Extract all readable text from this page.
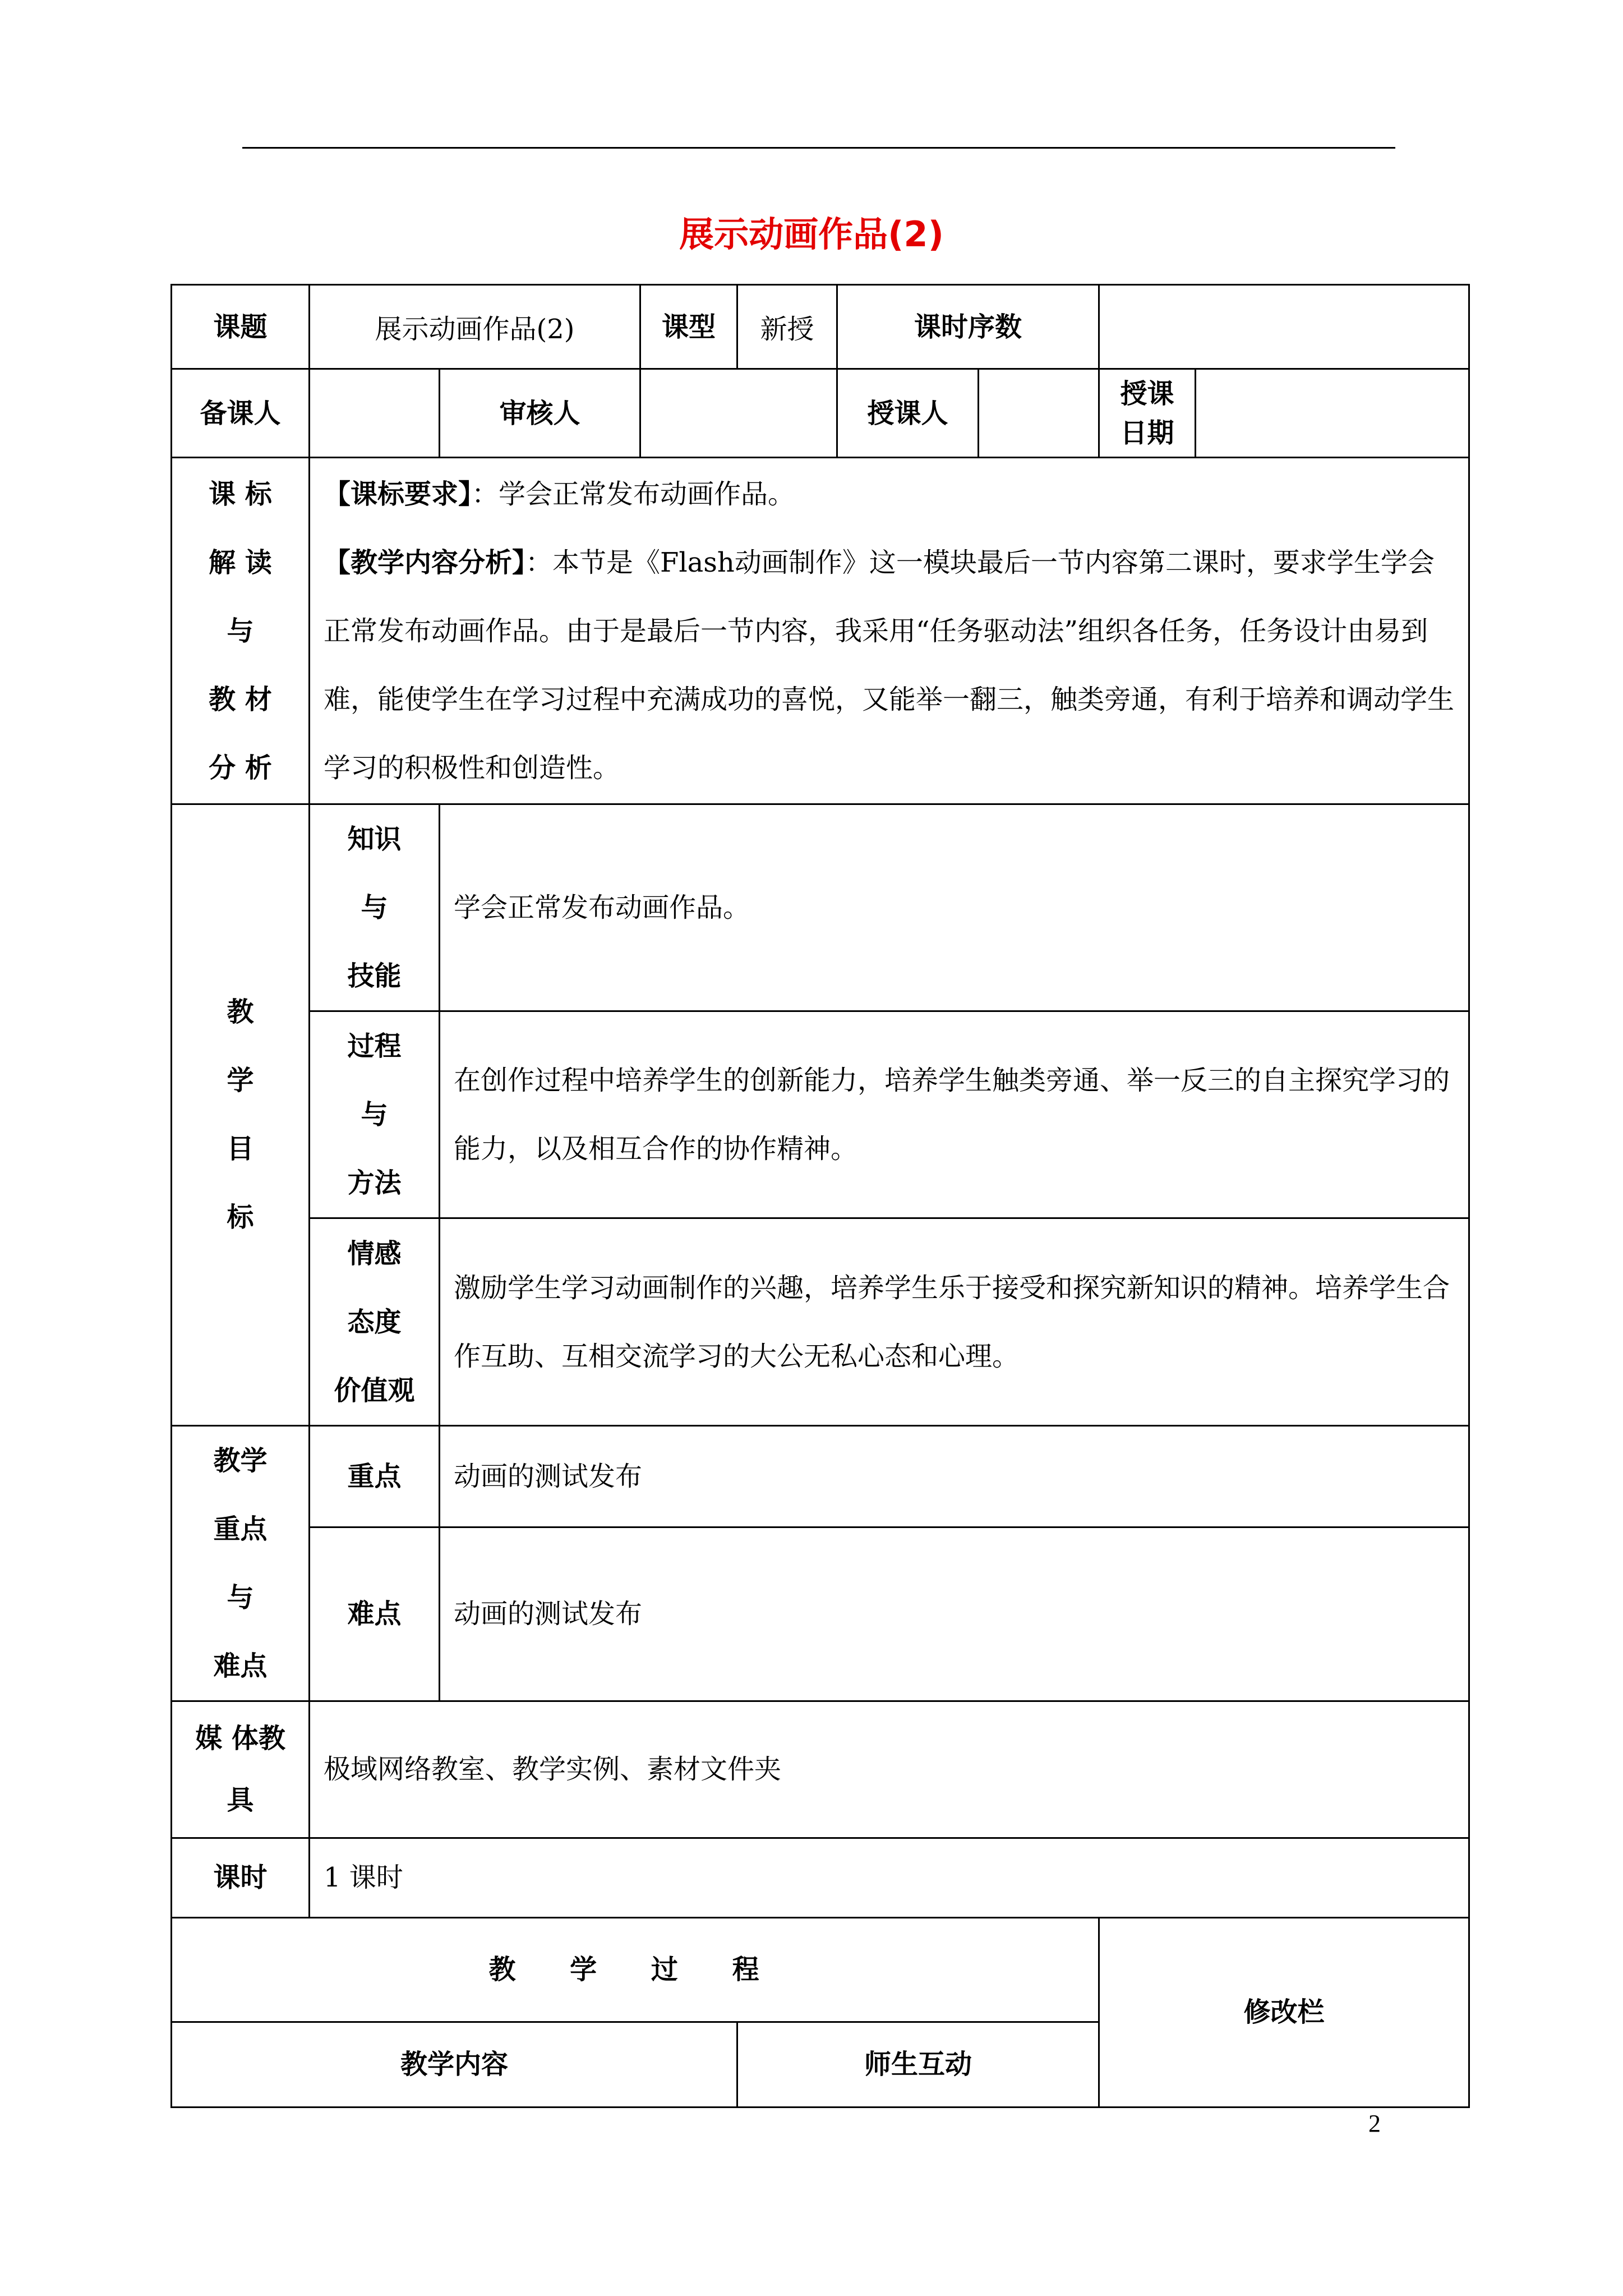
展示动画作品(2)
课题	展示动画作品(2)		课型	新授	课时序数			
备课人		审核人			授课人		授课
日期	

课 标
解 读
与
教 材
分 析	【课标要求】：学会正常发布动画作品。
【教学内容分析】：本节是《Flash动画制作》这一模块最后一节内容第二课时，要求学生学会正常发布动画作品。由于是最后一节内容，我采用“任务驱动法”组织各任务，任务设计由易到难，能使学生在学习过程中充满成功的喜悦，又能举一翻三，触类旁通，有利于培养和调动学生学习的积极性和创造性。							

教
学
目
标	知识
与
技能	学会正常发布动画作品。						

	过程
与
方法	在创作过程中培养学生的创新能力，培养学生触类旁通、举一反三的自主探究学习的能力，以及相互合作的协作精神。						

	情感
态度
价值观	激励学生学习动画制作的兴趣，培养学生乐于接受和探究新知识的精神。培养学生合作互助、互相交流学习的大公无私心态和心理。						

教学
重点
与
难点	重点	动画的测试发布						
	难点	动画的测试发布						

媒 体教
具	极域网络教室、教学实例、素材文件夹							
课时	1 课时							
教 学 过 程							修改栏	
教学内容				师生互动				
2
